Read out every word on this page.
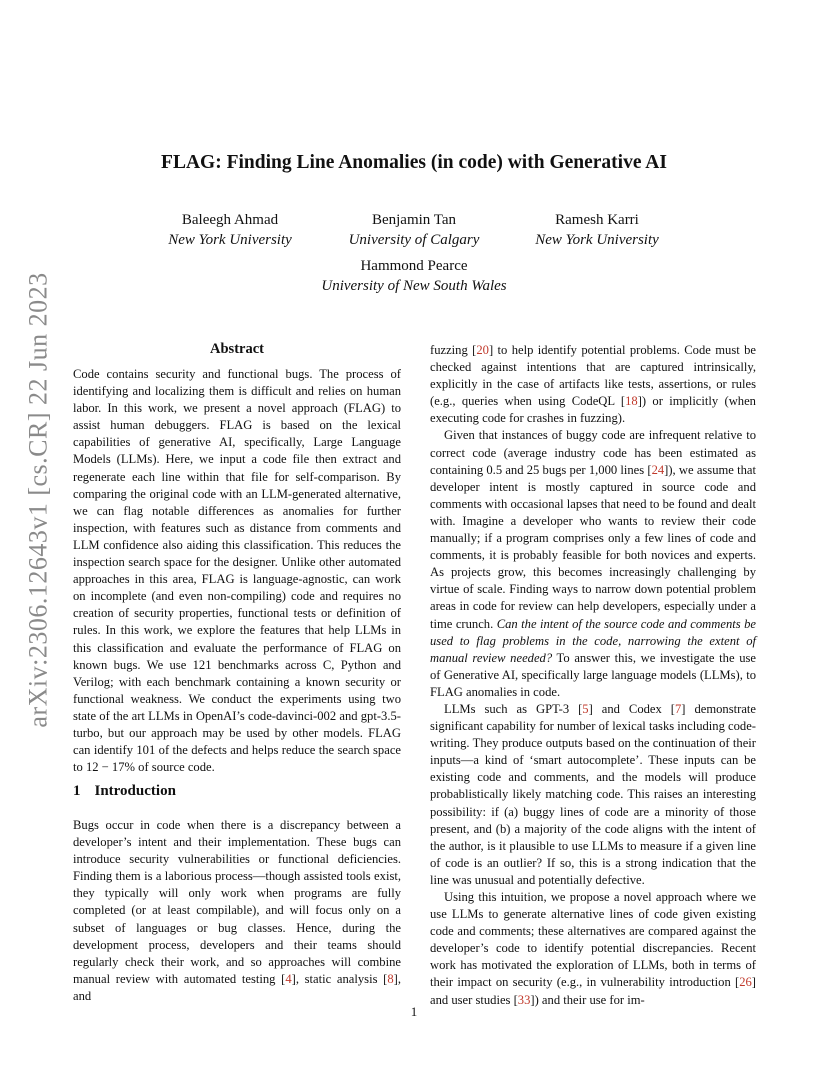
arXiv:2306.12643v1 [cs.CR] 22 Jun 2023
FLAG: Finding Line Anomalies (in code) with Generative AI
Baleegh Ahmad
New York University
Benjamin Tan
University of Calgary
Ramesh Karri
New York University
Hammond Pearce
University of New South Wales
Abstract

Code contains security and functional bugs. The process of identifying and localizing them is difficult and relies on human labor. In this work, we present a novel approach (FLAG) to assist human debuggers. FLAG is based on the lexical capabilities of generative AI, specifically, Large Language Models (LLMs). Here, we input a code file then extract and regenerate each line within that file for self-comparison. By comparing the original code with an LLM-generated alternative, we can flag notable differences as anomalies for further inspection, with features such as distance from comments and LLM confidence also aiding this classification. This reduces the inspection search space for the designer. Unlike other automated approaches in this area, FLAG is language-agnostic, can work on incomplete (and even non-compiling) code and requires no creation of security properties, functional tests or definition of rules. In this work, we explore the features that help LLMs in this classification and evaluate the performance of FLAG on known bugs. We use 121 benchmarks across C, Python and Verilog; with each benchmark containing a known security or functional weakness. We conduct the experiments using two state of the art LLMs in OpenAI’s code-davinci-002 and gpt-3.5-turbo, but our approach may be used by other models. FLAG can identify 101 of the defects and helps reduce the search space to 12 − 17% of source code.

1 Introduction

Bugs occur in code when there is a discrepancy between a developer’s intent and their implementation. These bugs can introduce security vulnerabilities or functional deficiencies. Finding them is a laborious process—though assisted tools exist, they typically will only work when programs are fully completed (or at least compilable), and will focus only on a subset of languages or bug classes. Hence, during the development process, developers and their teams should regularly check their work, and so approaches will combine manual review with automated testing [4], static analysis [8], and

fuzzing [20] to help identify potential problems. Code must be checked against intentions that are captured intrinsically, explicitly in the case of artifacts like tests, assertions, or rules (e.g., queries when using CodeQL [18]) or implicitly (when executing code for crashes in fuzzing).

Given that instances of buggy code are infrequent relative to correct code (average industry code has been estimated as containing 0.5 and 25 bugs per 1,000 lines [24]), we assume that developer intent is mostly captured in source code and comments with occasional lapses that need to be found and dealt with. Imagine a developer who wants to review their code manually; if a program comprises only a few lines of code and comments, it is probably feasible for both novices and experts. As projects grow, this becomes increasingly challenging by virtue of scale. Finding ways to narrow down potential problem areas in code for review can help developers, especially under a time crunch. Can the intent of the source code and comments be used to flag problems in the code, narrowing the extent of manual review needed? To answer this, we investigate the use of Generative AI, specifically large language models (LLMs), to FLAG anomalies in code.

LLMs such as GPT-3 [5] and Codex [7] demonstrate significant capability for number of lexical tasks including code-writing. They produce outputs based on the continuation of their inputs—a kind of ‘smart autocomplete’. These inputs can be existing code and comments, and the models will produce probablistically likely matching code. This raises an interesting possibility: if (a) buggy lines of code are a minority of those present, and (b) a majority of the code aligns with the intent of the author, is it plausible to use LLMs to measure if a given line of code is an outlier? If so, this is a strong indication that the line was unusual and potentially defective.

Using this intuition, we propose a novel approach where we use LLMs to generate alternative lines of code given existing code and comments; these alternatives are compared against the developer’s code to identify potential discrepancies. Recent work has motivated the exploration of LLMs, both in terms of their impact on security (e.g., in vulnerability introduction [26] and user studies [33]) and their use for im-

1
